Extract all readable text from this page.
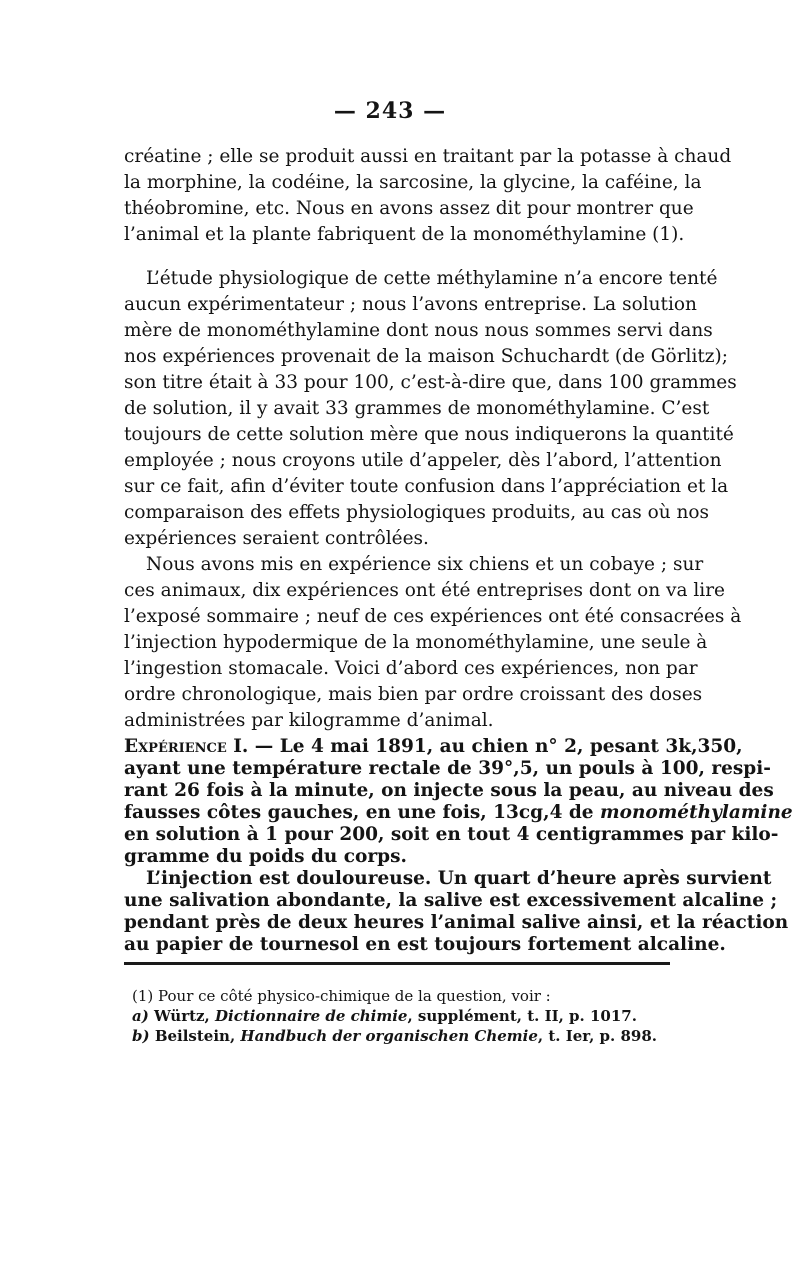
— 243 —
créatine ; elle se produit aussi en traitant par la potasse à chaud
la morphine, la codéine, la sarcosine, la glycine, la caféine, la
théobromine, etc. Nous en avons assez dit pour montrer que
l’animal et la plante fabriquent de la monométhylamine (1).
L’étude physiologique de cette méthylamine n’a encore tenté
aucun expérimentateur ; nous l’avons entreprise. La solution
mère de monométhylamine dont nous nous sommes servi dans
nos expériences provenait de la maison Schuchardt (de Görlitz);
son titre était à 33 pour 100, c’est-à-dire que, dans 100 grammes
de solution, il y avait 33 grammes de monométhylamine. C’est
toujours de cette solution mère que nous indiquerons la quantité
employée ; nous croyons utile d’appeler, dès l’abord, l’attention
sur ce fait, afin d’éviter toute confusion dans l’appréciation et la
comparaison des effets physiologiques produits, au cas où nos
expériences seraient contrôlées.
Nous avons mis en expérience six chiens et un cobaye ; sur
ces animaux, dix expériences ont été entreprises dont on va lire
l’exposé sommaire ; neuf de ces expériences ont été consacrées à
l’injection hypodermique de la monométhylamine, une seule à
l’ingestion stomacale. Voici d’abord ces expériences, non par
ordre chronologique, mais bien par ordre croissant des doses
administrées par kilogramme d’animal.
Expérience I. — Le 4 mai 1891, au chien n° 2, pesant 3k,350,
ayant une température rectale de 39°,5, un pouls à 100, respi-
rant 26 fois à la minute, on injecte sous la peau, au niveau des
fausses côtes gauches, en une fois, 13cg,4 de monométhylamine
en solution à 1 pour 200, soit en tout 4 centigrammes par kilo-
gramme du poids du corps.
L’injection est douloureuse. Un quart d’heure après survient
une salivation abondante, la salive est excessivement alcaline ;
pendant près de deux heures l’animal salive ainsi, et la réaction
au papier de tournesol en est toujours fortement alcaline.
(1) Pour ce côté physico-chimique de la question, voir :
a) Würtz, Dictionnaire de chimie, supplément, t. II, p. 1017.
b) Beilstein, Handbuch der organischen Chemie, t. Ier, p. 898.
